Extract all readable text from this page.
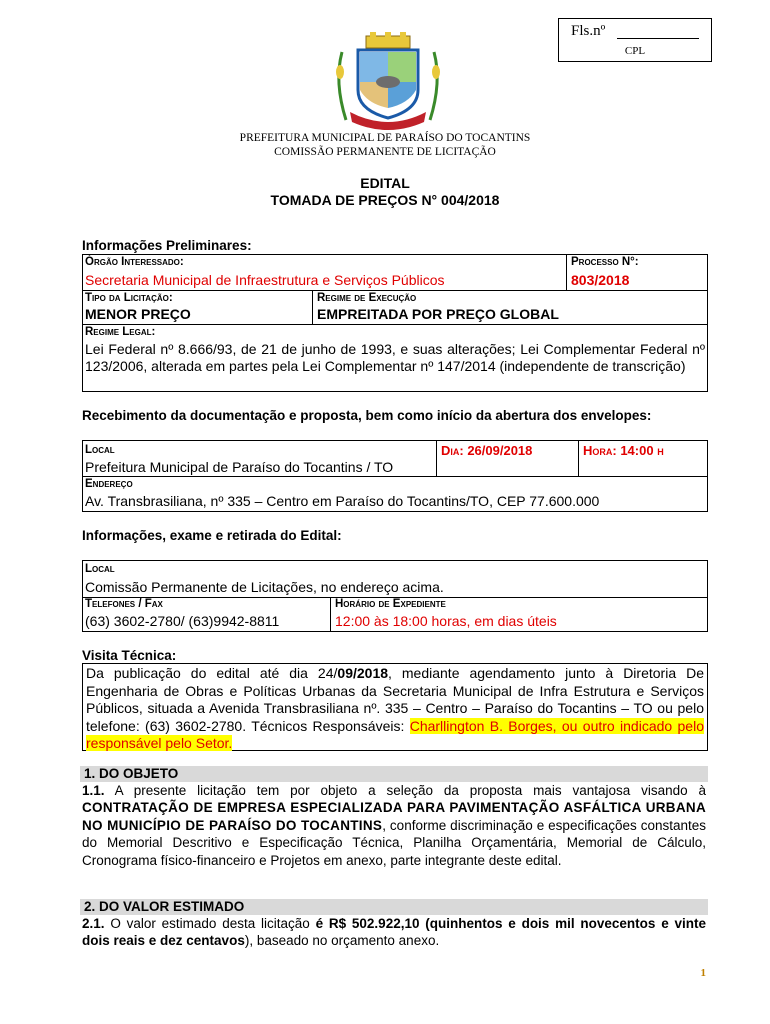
Fls.nº
CPL
PREFEITURA MUNICIPAL DE PARAÍSO DO TOCANTINS
COMISSÃO PERMANENTE DE LICITAÇÃO
EDITAL
TOMADA DE PREÇOS N° 004/2018
Informações Preliminares:
Órgão Interessado:
Secretaria Municipal de Infraestrutura e Serviços Públicos
Processo N°:
803/2018
Tipo da Licitação:
MENOR PREÇO
Regime de Execução
EMPREITADA POR PREÇO GLOBAL
Regime Legal:
Lei Federal nº 8.666/93, de 21 de junho de 1993, e suas alterações; Lei Complementar Federal nº 123/2006, alterada em partes pela Lei Complementar nº 147/2014 (independente de transcrição)
Recebimento da documentação e proposta, bem como início da abertura dos envelopes:
Local
Prefeitura Municipal de Paraíso do Tocantins / TO
Dia: 26/09/2018	Hora: 14:00 h
Endereço
Av. Transbrasiliana, nº 335 – Centro em Paraíso do Tocantins/TO, CEP 77.600.000
Informações, exame e retirada do Edital:
Local
Comissão Permanente de Licitações, no endereço acima.
Telefones / Fax
(63) 3602-2780/ (63)9942-8811
Horário de Expediente
12:00 às 18:00 horas, em dias úteis
Visita Técnica:
Da publicação do edital até dia 24/09/2018, mediante agendamento junto à Diretoria De Engenharia de Obras e Políticas Urbanas da Secretaria Municipal de Infra Estrutura e Serviços Públicos, situada a Avenida Transbrasiliana nº. 335 – Centro – Paraíso do Tocantins – TO ou pelo telefone: (63) 3602-2780. Técnicos Responsáveis: Charllington B. Borges, ou outro indicado pelo responsável pelo Setor.
1. DO OBJETO
1.1. A presente licitação tem por objeto a seleção da proposta mais vantajosa visando à CONTRATAÇÃO DE EMPRESA ESPECIALIZADA PARA PAVIMENTAÇÃO ASFÁLTICA URBANA NO MUNICÍPIO DE PARAÍSO DO TOCANTINS, conforme discriminação e especificações constantes do Memorial Descritivo e Especificação Técnica, Planilha Orçamentária, Memorial de Cálculo, Cronograma físico-financeiro e Projetos em anexo, parte integrante deste edital.
2. DO VALOR ESTIMADO
2.1. O valor estimado desta licitação é R$ 502.922,10 (quinhentos e dois mil novecentos e vinte dois reais e dez centavos), baseado no orçamento anexo.
1
